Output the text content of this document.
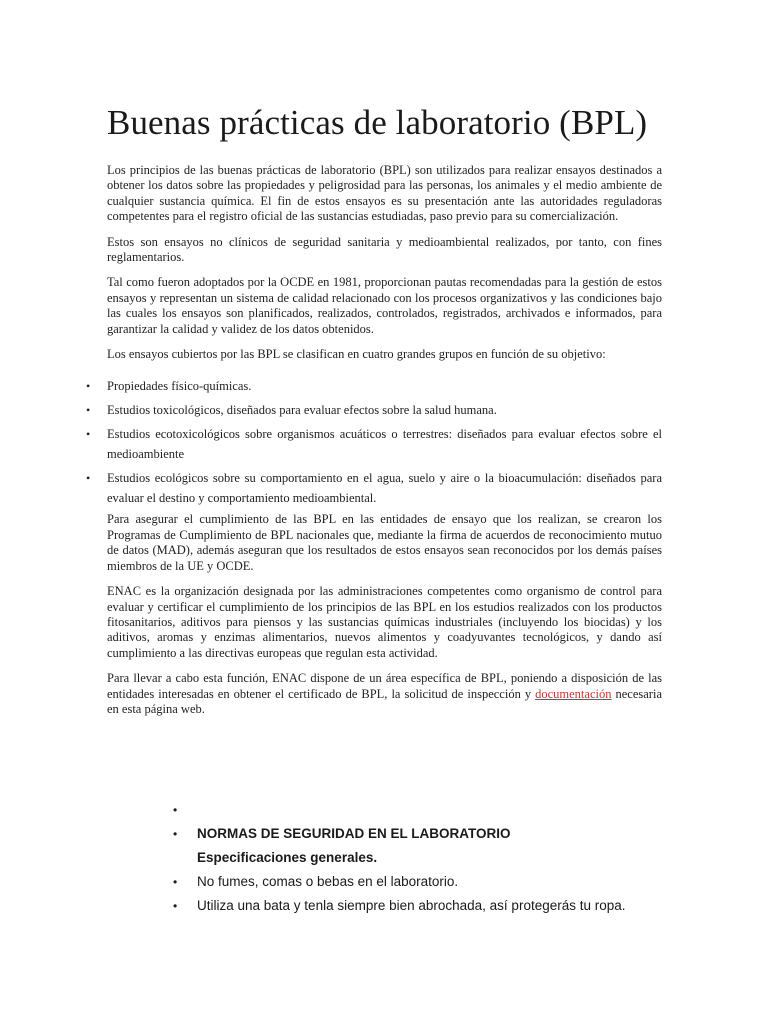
Buenas prácticas de laboratorio (BPL)

Los principios de las buenas prácticas de laboratorio (BPL) son utilizados para realizar ensayos destinados a obtener los datos sobre las propiedades y peligrosidad para las personas, los animales y el medio ambiente de cualquier sustancia química. El fin de estos ensayos es su presentación ante las autoridades reguladoras competentes para el registro oficial de las sustancias estudiadas, paso previo para su comercialización.

Estos son ensayos no clínicos de seguridad sanitaria y medioambiental realizados, por tanto, con fines reglamentarios.

Tal como fueron adoptados por la OCDE en 1981, proporcionan pautas recomendadas para la gestión de estos ensayos y representan un sistema de calidad relacionado con los procesos organizativos y las condiciones bajo las cuales los ensayos son planificados, realizados, controlados, registrados, archivados e informados, para garantizar la calidad y validez de los datos obtenidos.

Los ensayos cubiertos por las BPL se clasifican en cuatro grandes grupos en función de su objetivo:

• Propiedades físico-químicas.
• Estudios toxicológicos, diseñados para evaluar efectos sobre la salud humana.
• Estudios ecotoxicológicos sobre organismos acuáticos o terrestres: diseñados para evaluar efectos sobre el medioambiente
• Estudios ecológicos sobre su comportamiento en el agua, suelo y aire o la bioacumulación: diseñados para evaluar el destino y comportamiento medioambiental.

Para asegurar el cumplimiento de las BPL en las entidades de ensayo que los realizan, se crearon los Programas de Cumplimiento de BPL nacionales que, mediante la firma de acuerdos de reconocimiento mutuo de datos (MAD), además aseguran que los resultados de estos ensayos sean reconocidos por los demás países miembros de la UE y OCDE.

ENAC es la organización designada por las administraciones competentes como organismo de control para evaluar y certificar el cumplimiento de los principios de las BPL en los estudios realizados con los productos fitosanitarios, aditivos para piensos y las sustancias químicas industriales (incluyendo los biocidas) y los aditivos, aromas y enzimas alimentarios, nuevos alimentos y coadyuvantes tecnológicos, y dando así cumplimiento a las directivas europeas que regulan esta actividad.

Para llevar a cabo esta función, ENAC dispone de un área específica de BPL, poniendo a disposición de las entidades interesadas en obtener el certificado de BPL, la solicitud de inspección y documentación necesaria en esta página web.

•

• NORMAS DE SEGURIDAD EN EL LABORATORIO
Especificaciones generales.
• No fumes, comas o bebas en el laboratorio.
• Utiliza una bata y tenla siempre bien abrochada, así protegerás tu ropa.
